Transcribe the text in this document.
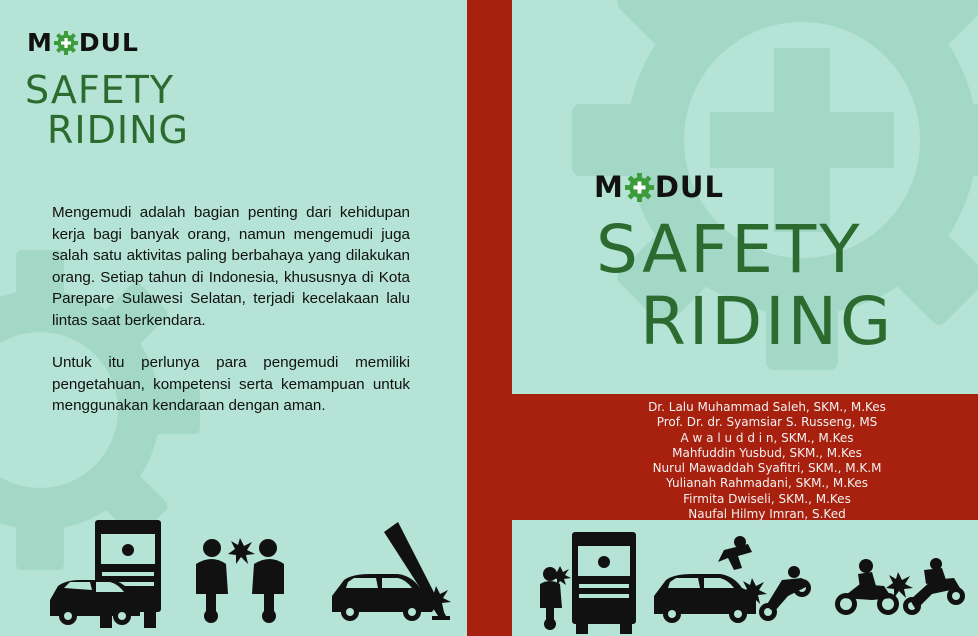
M DUL
SAFETY
RIDING

Mengemudi adalah bagian penting dari kehidupan kerja bagi banyak orang, namun mengemudi juga salah satu aktivitas paling berbahaya yang dilakukan orang. Setiap tahun di Indonesia, khususnya di Kota Parepare Sulawesi Selatan, terjadi kecelakaan lalu lintas saat berkendara.

Untuk itu perlunya para pengemudi memiliki pengetahuan, kompetensi serta kemampuan untuk menggunakan kendaraan dengan aman.

M DUL
SAFETY
RIDING
Dr. Lalu Muhammad Saleh, SKM., M.Kes
Prof. Dr. dr. Syamsiar S. Russeng, MS
A w a l u d d i n, SKM., M.Kes
Mahfuddin Yusbud, SKM., M.Kes
Nurul Mawaddah Syafitri, SKM., M.K.M
Yulianah Rahmadani, SKM., M.Kes
Firmita Dwiseli, SKM., M.Kes
Naufal Hilmy Imran, S.Ked
